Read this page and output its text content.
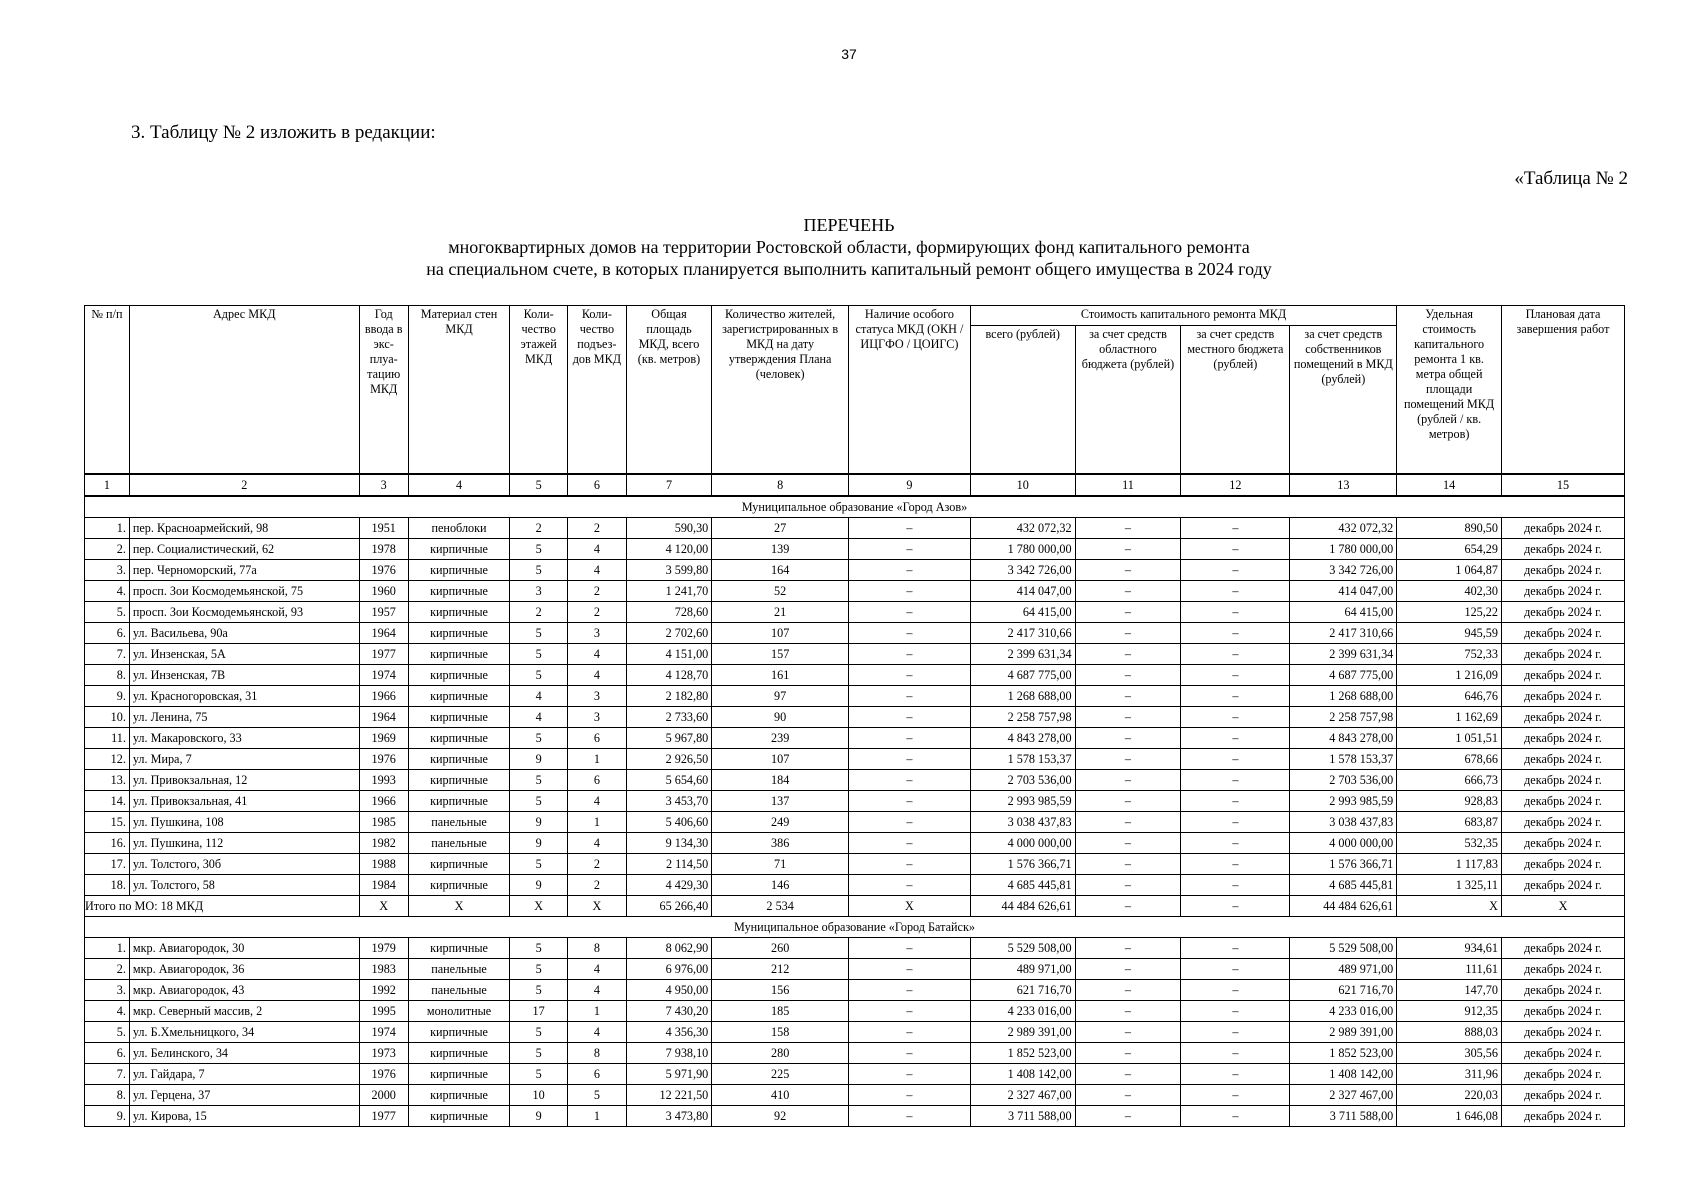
37
3. Таблицу № 2 изложить в редакции:
«Таблица № 2
ПЕРЕЧЕНЬ
многоквартирных домов на территории Ростовской области, формирующих фонд капитального ремонта
на специальном счете, в которых планируется выполнить капитальный ремонт общего имущества в 2024 году
№ п/п	Адрес МКД	Год ввода в экс-плуа-тацию МКД	Материал стен МКД	Коли-чество этажей МКД	Коли-чество подъез-дов МКД	Общая площадь МКД, всего (кв. метров)	Количество жителей, зарегистрированных в МКД на дату утверждения Плана (человек)	Наличие особого статуса МКД (ОКН / ИЦГФО / ЦОИГС)	Стоимость капитального ремонта МКД				Удельная стоимость капитального ремонта 1 кв. метра общей площади помещений МКД (рублей / кв. метров)	Плановая дата завершения работ
									всего (рублей)	за счет средств областного бюджета (рублей)	за счет средств местного бюджета (рублей)	за счет средств собственников помещений в МКД (рублей)		
1	2	3	4	5	6	7	8	9	10	11	12	13	14	15
Муниципальное образование «Город Азов»														
1.	пер. Красноармейский, 98	1951	пеноблоки	2	2	590,30	27	–	432 072,32	–	–	432 072,32	890,50	декабрь 2024 г.
2.	пер. Социалистический, 62	1978	кирпичные	5	4	4 120,00	139	–	1 780 000,00	–	–	1 780 000,00	654,29	декабрь 2024 г.
3.	пер. Черноморский, 77а	1976	кирпичные	5	4	3 599,80	164	–	3 342 726,00	–	–	3 342 726,00	1 064,87	декабрь 2024 г.
4.	просп. Зои Космодемьянской, 75	1960	кирпичные	3	2	1 241,70	52	–	414 047,00	–	–	414 047,00	402,30	декабрь 2024 г.
5.	просп. Зои Космодемьянской, 93	1957	кирпичные	2	2	728,60	21	–	64 415,00	–	–	64 415,00	125,22	декабрь 2024 г.
6.	ул. Васильева, 90а	1964	кирпичные	5	3	2 702,60	107	–	2 417 310,66	–	–	2 417 310,66	945,59	декабрь 2024 г.
7.	ул. Инзенская, 5А	1977	кирпичные	5	4	4 151,00	157	–	2 399 631,34	–	–	2 399 631,34	752,33	декабрь 2024 г.
8.	ул. Инзенская, 7В	1974	кирпичные	5	4	4 128,70	161	–	4 687 775,00	–	–	4 687 775,00	1 216,09	декабрь 2024 г.
9.	ул. Красногоровская, 31	1966	кирпичные	4	3	2 182,80	97	–	1 268 688,00	–	–	1 268 688,00	646,76	декабрь 2024 г.
10.	ул. Ленина, 75	1964	кирпичные	4	3	2 733,60	90	–	2 258 757,98	–	–	2 258 757,98	1 162,69	декабрь 2024 г.
11.	ул. Макаровского, 33	1969	кирпичные	5	6	5 967,80	239	–	4 843 278,00	–	–	4 843 278,00	1 051,51	декабрь 2024 г.
12.	ул. Мира, 7	1976	кирпичные	9	1	2 926,50	107	–	1 578 153,37	–	–	1 578 153,37	678,66	декабрь 2024 г.
13.	ул. Привокзальная, 12	1993	кирпичные	5	6	5 654,60	184	–	2 703 536,00	–	–	2 703 536,00	666,73	декабрь 2024 г.
14.	ул. Привокзальная, 41	1966	кирпичные	5	4	3 453,70	137	–	2 993 985,59	–	–	2 993 985,59	928,83	декабрь 2024 г.
15.	ул. Пушкина, 108	1985	панельные	9	1	5 406,60	249	–	3 038 437,83	–	–	3 038 437,83	683,87	декабрь 2024 г.
16.	ул. Пушкина, 112	1982	панельные	9	4	9 134,30	386	–	4 000 000,00	–	–	4 000 000,00	532,35	декабрь 2024 г.
17.	ул. Толстого, 30б	1988	кирпичные	5	2	2 114,50	71	–	1 576 366,71	–	–	1 576 366,71	1 117,83	декабрь 2024 г.
18.	ул. Толстого, 58	1984	кирпичные	9	2	4 429,30	146	–	4 685 445,81	–	–	4 685 445,81	1 325,11	декабрь 2024 г.
Итого по МО: 18 МКД		X	X	X	X	65 266,40	2 534	X	44 484 626,61	–	–	44 484 626,61	X	X
Муниципальное образование «Город Батайск»														
1.	мкр. Авиагородок, 30	1979	кирпичные	5	8	8 062,90	260	–	5 529 508,00	–	–	5 529 508,00	934,61	декабрь 2024 г.
2.	мкр. Авиагородок, 36	1983	панельные	5	4	6 976,00	212	–	489 971,00	–	–	489 971,00	111,61	декабрь 2024 г.
3.	мкр. Авиагородок, 43	1992	панельные	5	4	4 950,00	156	–	621 716,70	–	–	621 716,70	147,70	декабрь 2024 г.
4.	мкр. Северный массив, 2	1995	монолитные	17	1	7 430,20	185	–	4 233 016,00	–	–	4 233 016,00	912,35	декабрь 2024 г.
5.	ул. Б.Хмельницкого, 34	1974	кирпичные	5	4	4 356,30	158	–	2 989 391,00	–	–	2 989 391,00	888,03	декабрь 2024 г.
6.	ул. Белинского, 34	1973	кирпичные	5	8	7 938,10	280	–	1 852 523,00	–	–	1 852 523,00	305,56	декабрь 2024 г.
7.	ул. Гайдара, 7	1976	кирпичные	5	6	5 971,90	225	–	1 408 142,00	–	–	1 408 142,00	311,96	декабрь 2024 г.
8.	ул. Герцена, 37	2000	кирпичные	10	5	12 221,50	410	–	2 327 467,00	–	–	2 327 467,00	220,03	декабрь 2024 г.
9.	ул. Кирова, 15	1977	кирпичные	9	1	3 473,80	92	–	3 711 588,00	–	–	3 711 588,00	1 646,08	декабрь 2024 г.
